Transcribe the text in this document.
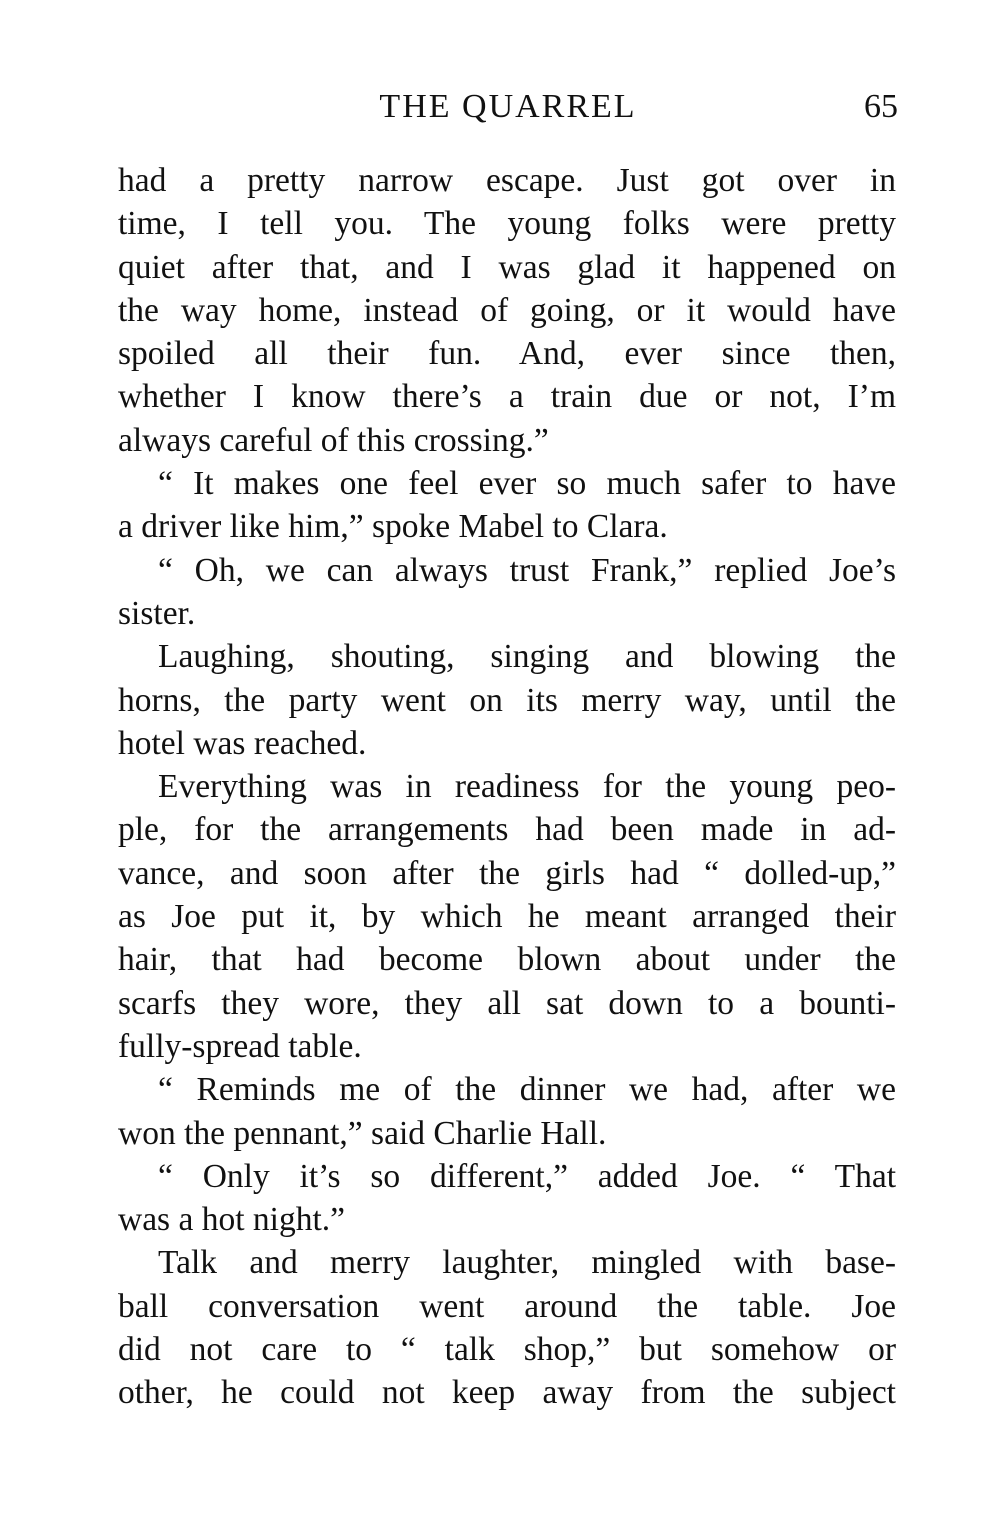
THE QUARREL	65
had a pretty narrow escape. Just got over in
time, I tell you. The young folks were pretty
quiet after that, and I was glad it happened on
the way home, instead of going, or it would have
spoiled all their fun. And, ever since then,
whether I know there’s a train due or not, I’m
always careful of this crossing.”
“ It makes one feel ever so much safer to have
a driver like him,” spoke Mabel to Clara.
“ Oh, we can always trust Frank,” replied Joe’s
sister.
Laughing, shouting, singing and blowing the
horns, the party went on its merry way, until the
hotel was reached.
Everything was in readiness for the young peo-
ple, for the arrangements had been made in ad-
vance, and soon after the girls had “ dolled-up,”
as Joe put it, by which he meant arranged their
hair, that had become blown about under the
scarfs they wore, they all sat down to a bounti-
fully-spread table.
“ Reminds me of the dinner we had, after we
won the pennant,” said Charlie Hall.
“ Only it’s so different,” added Joe. “ That
was a hot night.”
Talk and merry laughter, mingled with base-
ball conversation went around the table. Joe
did not care to “ talk shop,” but somehow or
other, he could not keep away from the subject
